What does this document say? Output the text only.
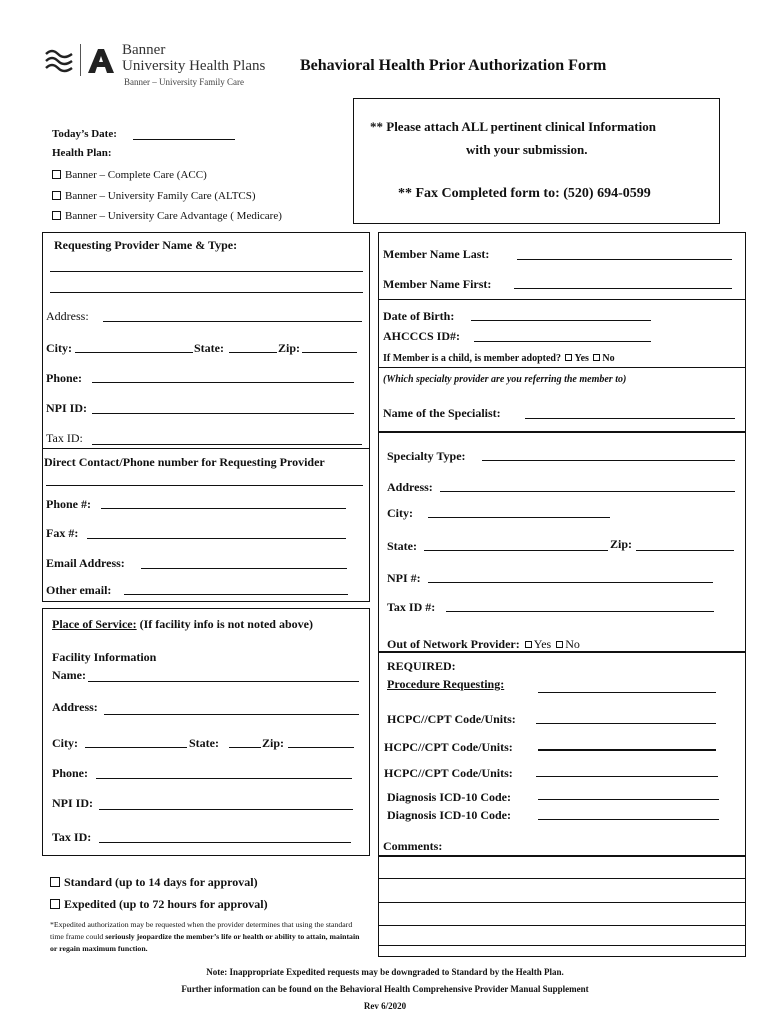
Banner
University Health Plans
Banner – University Family Care
Behavioral Health Prior Authorization Form
** Please attach ALL pertinent clinical Information
with your submission.
** Fax Completed form to: (520) 694-0599
Today’s Date:
Health Plan:
Banner – Complete Care (ACC)
Banner – University Family Care (ALTCS)
Banner – University Care Advantage ( Medicare)
Requesting Provider Name & Type:
Address:
City:	State:	Zip:
Phone:
NPI ID:
Tax ID:
Direct Contact/Phone number for Requesting Provider
Phone #:
Fax #:
Email Address:
Other email:
Place of Service: (If facility info is not noted above)
Facility Information
Name:
Address:
City:	State:	Zip:
Phone:
NPI ID:
Tax ID:
Standard (up to 14 days for approval)
Expedited (up to 72 hours for approval)
*Expedited authorization may be requested when the provider determines that using the standard time frame could seriously jeopardize the member’s life or health or ability to attain, maintain or regain maximum function.
Member Name Last:
Member Name First:
Date of Birth:
AHCCCS ID#:
If Member is a child, is member adopted? Yes No
(Which specialty provider are you referring the member to)
Name of the Specialist:
Specialty Type:
Address:
City:
State:	Zip:
NPI #:
Tax ID #:
Out of Network Provider: Yes No
REQUIRED:
Procedure Requesting:
HCPC//CPT Code/Units:
HCPC//CPT Code/Units:
HCPC//CPT Code/Units:
Diagnosis ICD-10 Code:
Diagnosis ICD-10 Code:
Comments:
Note: Inappropriate Expedited requests may be downgraded to Standard by the Health Plan.
Further information can be found on the Behavioral Health Comprehensive Provider Manual Supplement
Rev 6/2020
